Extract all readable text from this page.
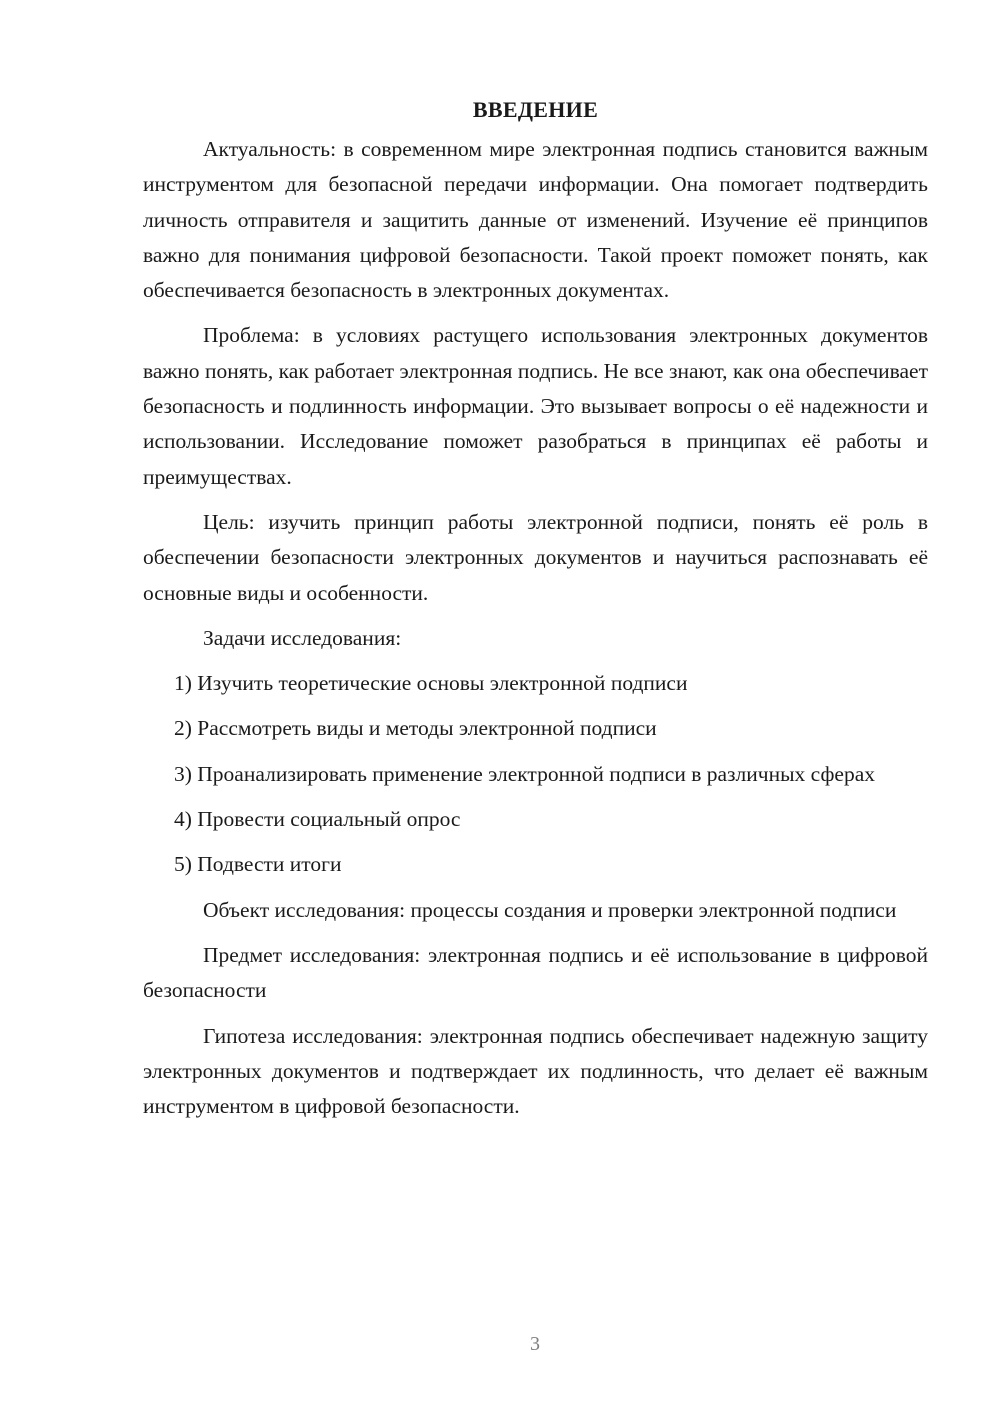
ВВЕДЕНИЕ

Актуальность: в современном мире электронная подпись становится важным инструментом для безопасной передачи информации. Она помогает подтвердить личность отправителя и защитить данные от изменений. Изучение её принципов важно для понимания цифровой безопасности. Такой проект поможет понять, как обеспечивается безопасность в электронных документах.

Проблема: в условиях растущего использования электронных документов важно понять, как работает электронная подпись. Не все знают, как она обеспечивает безопасность и подлинность информации. Это вызывает вопросы о её надежности и использовании. Исследование поможет разобраться в принципах её работы и преимуществах.

Цель: изучить принцип работы электронной подписи, понять её роль в обеспечении безопасности электронных документов и научиться распознавать её основные виды и особенности.

Задачи исследования:

1) Изучить теоретические основы электронной подписи

2) Рассмотреть виды и методы электронной подписи

3) Проанализировать применение электронной подписи в различных сферах

4) Провести социальный опрос

5) Подвести итоги

Объект исследования: процессы создания и проверки электронной подписи

Предмет исследования: электронная подпись и её использование в цифровой безопасности

Гипотеза исследования: электронная подпись обеспечивает надежную защиту электронных документов и подтверждает их подлинность, что делает её важным инструментом в цифровой безопасности.

3
